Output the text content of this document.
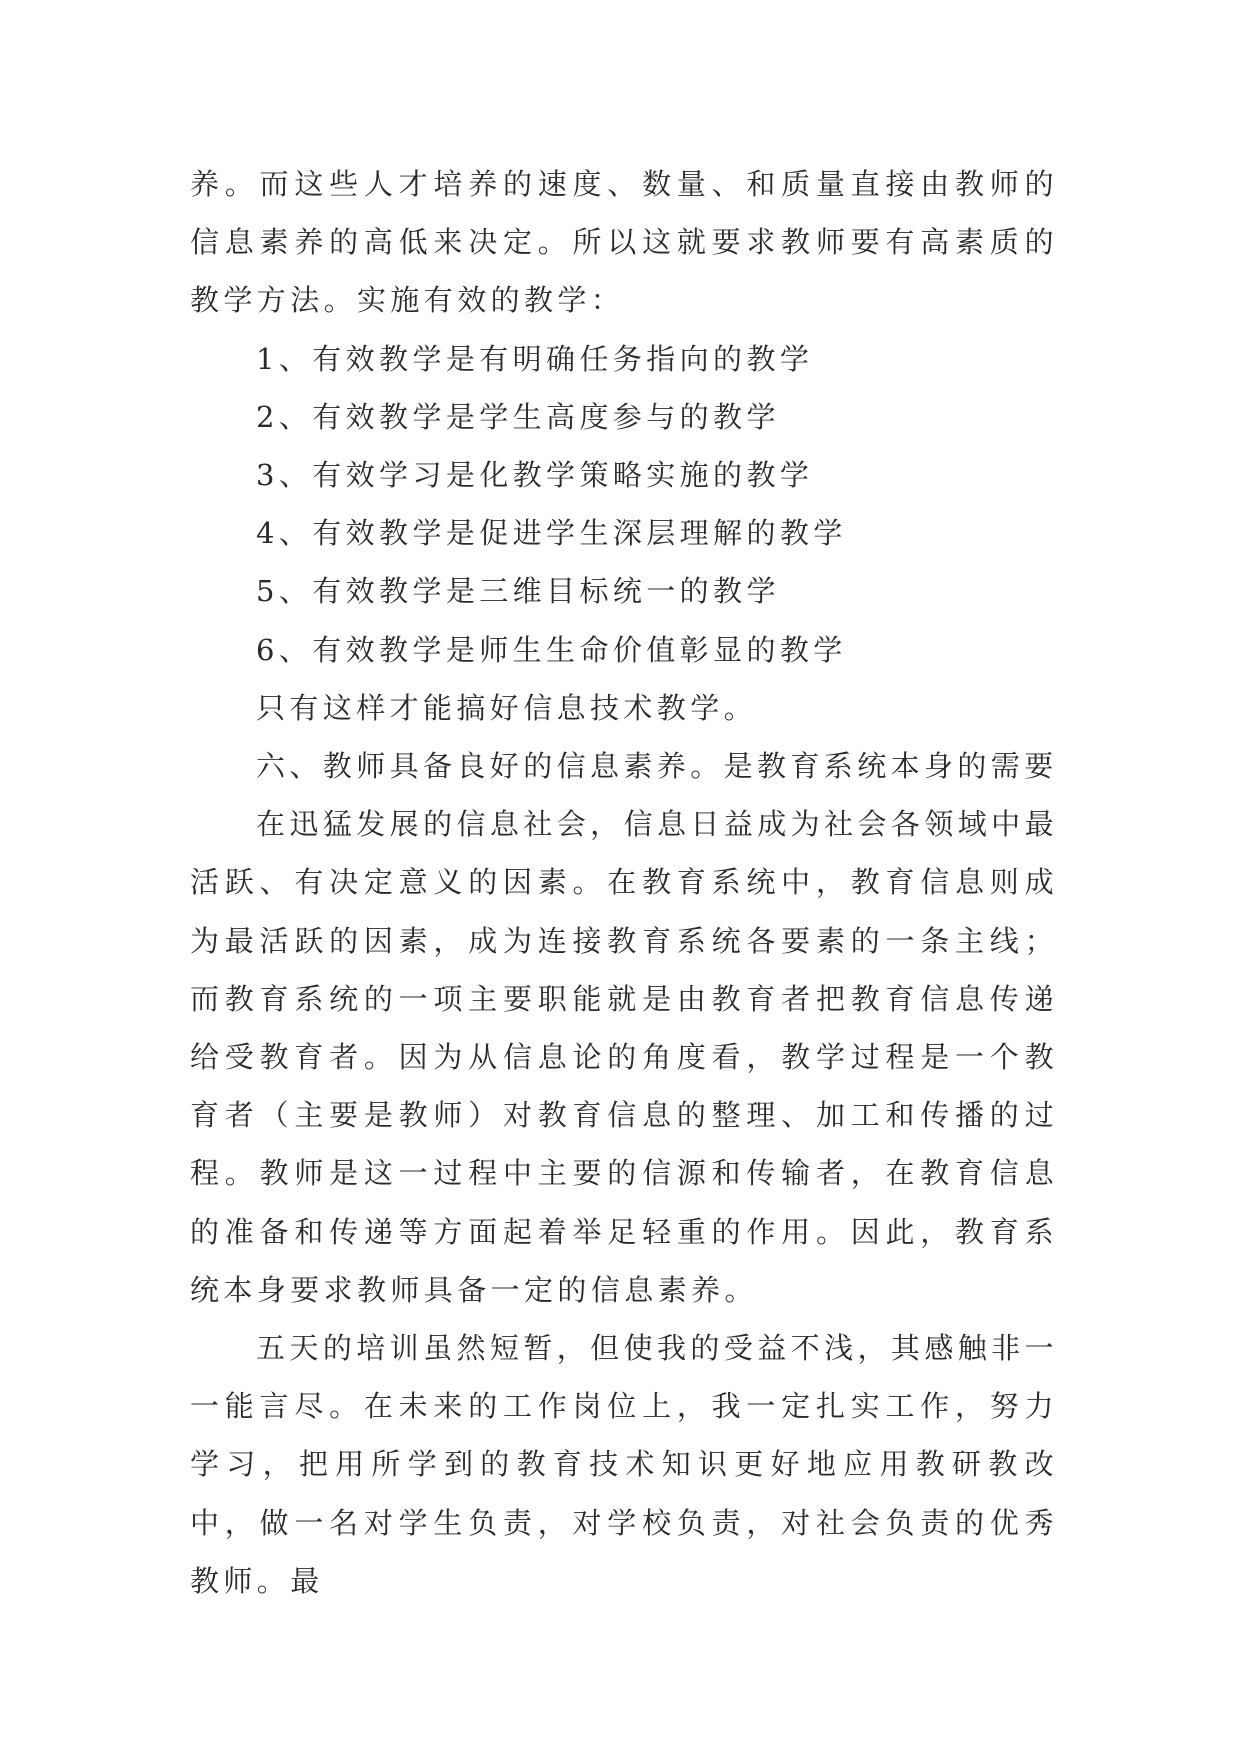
养。而这些人才培养的速度、数量、和质量直接由教师的信息素养的高低来决定。所以这就要求教师要有高素质的教学方法。实施有效的教学：

1、有效教学是有明确任务指向的教学

2、有效教学是学生高度参与的教学

3、有效学习是化教学策略实施的教学

4、有效教学是促进学生深层理解的教学

5、有效教学是三维目标统一的教学

6、有效教学是师生生命价值彰显的教学

只有这样才能搞好信息技术教学。

六、教师具备良好的信息素养。是教育系统本身的需要

在迅猛发展的信息社会，信息日益成为社会各领域中最活跃、有决定意义的因素。在教育系统中，教育信息则成为最活跃的因素，成为连接教育系统各要素的一条主线；而教育系统的一项主要职能就是由教育者把教育信息传递给受教育者。因为从信息论的角度看，教学过程是一个教育者（主要是教师）对教育信息的整理、加工和传播的过程。教师是这一过程中主要的信源和传输者，在教育信息的准备和传递等方面起着举足轻重的作用。因此，教育系统本身要求教师具备一定的信息素养。

五天的培训虽然短暂，但使我的受益不浅，其感触非一一能言尽。在未来的工作岗位上，我一定扎实工作，努力学习，把用所学到的教育技术知识更好地应用教研教改中，做一名对学生负责，对学校负责，对社会负责的优秀教师。最
